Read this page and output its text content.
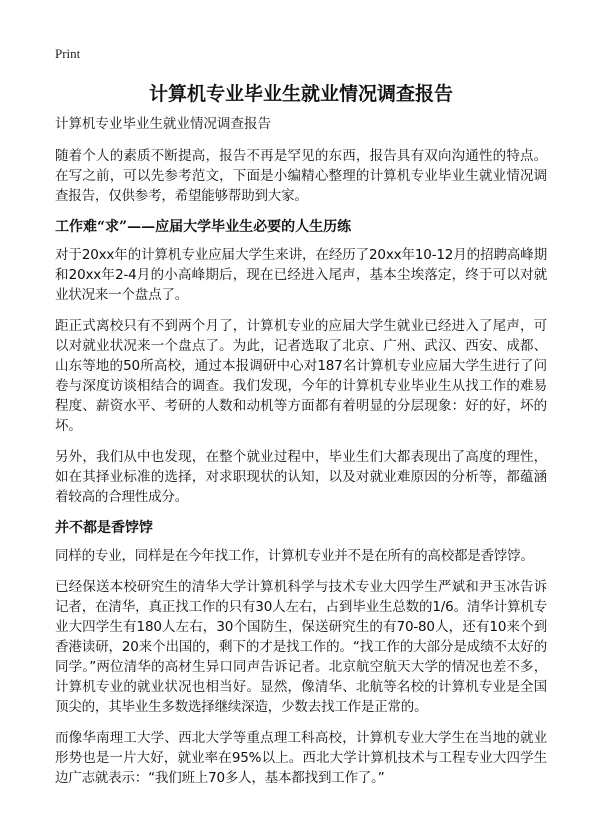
Print
计算机专业毕业生就业情况调查报告
计算机专业毕业生就业情况调查报告

随着个人的素质不断提高，报告不再是罕见的东西，报告具有双向沟通性的特点。在写之前，可以先参考范文，下面是小编精心整理的计算机专业毕业生就业情况调查报告，仅供参考，希望能够帮助到大家。

工作难“求”——应届大学毕业生必要的人生历练

对于20xx年的计算机专业应届大学生来讲，在经历了20xx年10-12月的招聘高峰期和20xx年2-4月的小高峰期后，现在已经进入尾声，基本尘埃落定，终于可以对就业状况来一个盘点了。

距正式离校只有不到两个月了，计算机专业的应届大学生就业已经进入了尾声，可以对就业状况来一个盘点了。为此，记者选取了北京、广州、武汉、西安、成都、山东等地的50所高校，通过本报调研中心对187名计算机专业应届大学生进行了问卷与深度访谈相结合的调查。我们发现，今年的计算机专业毕业生从找工作的难易程度、薪资水平、考研的人数和动机等方面都有着明显的分层现象：好的好，坏的坏。

另外，我们从中也发现，在整个就业过程中，毕业生们大都表现出了高度的理性，如在其择业标准的选择，对求职现状的认知，以及对就业难原因的分析等，都蕴涵着较高的合理性成分。

并不都是香饽饽

同样的专业，同样是在今年找工作，计算机专业并不是在所有的高校都是香饽饽。

已经保送本校研究生的清华大学计算机科学与技术专业大四学生严斌和尹玉冰告诉记者，在清华，真正找工作的只有30人左右，占到毕业生总数的1/6。清华计算机专业大四学生有180人左右，30个国防生，保送研究生的有70-80人，还有10来个到香港读研，20来个出国的，剩下的才是找工作的。“找工作的大部分是成绩不太好的同学。”两位清华的高材生异口同声告诉记者。北京航空航天大学的情况也差不多，计算机专业的就业状况也相当好。显然，像清华、北航等名校的计算机专业是全国顶尖的，其毕业生多数选择继续深造，少数去找工作是正常的。

而像华南理工大学、西北大学等重点理工科高校，计算机专业大学生在当地的就业形势也是一片大好，就业率在95%以上。西北大学计算机技术与工程专业大四学生边广志就表示：“我们班上70多人，基本都找到工作了。”
